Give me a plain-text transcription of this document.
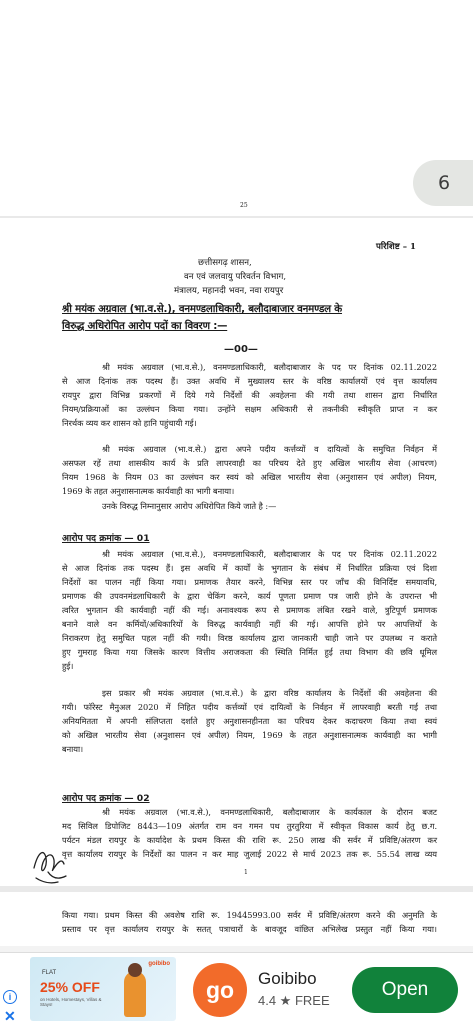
6
25
परिशिष्ट – 1
छत्तीसगढ़ शासन,
वन एवं जलवायु परिवर्तन विभाग,
मंत्रालय, महानदी भवन, नवा रायपुर
श्री मयंक अग्रवाल (भा.व.से.), वनमण्डलाधिकारी, बलौदाबाजार वनमण्डल के
विरुद्ध अधिरोपित आरोप पदों का विवरण :—
—00—
श्री मयंक अग्रवाल (भा.व.से.), वनमण्डलाधिकारी, बलौदाबाजार के पद पर दिनांक 02.11.2022
से आज दिनांक तक पदस्थ हैं। उक्त अवधि में मुख्यालय स्तर के वरिष्ठ कार्यालयों एवं वृत्त कार्यालय
रायपुर द्वारा विभिन्न प्रकरणों में दिये गये निर्देशों की अवहेलना की गयी तथा शासन द्वारा निर्धारित
नियम/प्रक्रियाओं का उल्लंघन किया गया। उन्होंने सक्षम अधिकारी से तकनीकी स्वीकृति प्राप्त न कर
निरर्थक व्यय कर शासन को हानि पहुंचायी गई।
श्री मयंक अग्रवाल (भा.व.से.) द्वारा अपने पदीय कर्त्तव्यों व दायित्वों के समुचित निर्वहन में
असफल रहें तथा शासकीय कार्य के प्रति लापरवाही का परिचय देते हुए अखिल भारतीय सेवा (आचरण)
नियम 1968 के नियम 03 का उल्लंघन कर स्वयं को अखिल भारतीय सेवा (अनुशासन एवं अपील) नियम,
1969 के तहत अनुशासनात्मक कार्यवाही का भागी बनाया।
उनके विरुद्ध निम्नानुसार आरोप अधिरोपित किये जाते है :—
आरोप पद क्रमांक — 01
श्री मयंक अग्रवाल (भा.व.से.), वनमण्डलाधिकारी, बलौदाबाजार के पद पर दिनांक 02.11.2022
से आज दिनांक तक पदस्थ हैं। इस अवधि में कार्यों के भुगतान के संबंध में निर्धारित प्रक्रिया एवं दिशा
निर्देशों का पालन नहीं किया गया। प्रमाणक तैयार करने, विभिन्न स्तर पर जाँच की विनिर्दिष्ट समयावधि,
प्रमाणक की उपवनमंडलाधिकारी के द्वारा चेकिंग करने, कार्य पूणता प्रमाण पत्र जारी होने के उपरान्त भी
त्वरित भुगतान की कार्यवाही नहीं की गई। अनावश्यक रूप से प्रमाणक लंबित रखने वाले, त्रुटिपूर्ण प्रमाणक
बनाने वाले वन कर्मियों/अधिकारियों के विरुद्ध कार्यवाही नहीं की गई। आपत्ति होने पर आपत्तियों के
निराकरण हेतु समुचित पहल नहीं की गयी। विरष्ठ कार्यालय द्वारा जानकारी चाही जाने पर उपलब्ध न कराते
हुए गुमराह किया गया जिसके कारण वित्तीय अराजकता की स्थिति निर्मित हुई तथा विभाग की छवि धूमिल
हुई।
इस प्रकार श्री मयंक अग्रवाल (भा.व.से.) के द्वारा वरिष्ठ कार्यालय के निर्देशों की अवहेलना की
गयी। फॉरेस्ट मैनुअल 2020 में निहित पदीय कर्त्तव्यों एवं दायित्वों के निर्वहन में लापरवाही बरती गई तथा
अनियमितता में अपनी संलिप्तता दर्शाते हुए अनुशासनहीनता का परिचय देकर कदाचरण किया तथा स्वयं
को अखिल भारतीय सेवा (अनुशासन एवं अपील) नियम, 1969 के तहत अनुशासनात्मक कार्यवाही का भागी
बनाया।
आरोप पद क्रमांक — 02
श्री मयंक अग्रवाल (भा.व.से.), वनमण्डलाधिकारी, बलौदाबाजार के कार्यकाल के दौरान बजट
मद सिविल डिपोजिट 8443—109 अंतर्गत राम वन गमन पथ तुरतुरिया में स्वीकृत विकास कार्य हेतु छ.ग.
पर्यटन मंडल रायपुर के कार्यादेश के प्रथम किस्त की राशि रू. 250 लाख की सर्वर में प्रविष्टि/अंतरण कर
वृत्त कार्यालय रायपुर के निर्देशों का पालन न कर माह जुलाई 2022 से मार्च 2023 तक रू. 55.54 लाख व्यय
1
किया गया। प्रथम किस्त की अवशेष राशि रू. 19445993.00 सर्वर में प्रविष्टि/अंतरण करने की अनुमति के
प्रस्ताव पर वृत्त कार्यालय रायपुर के सतत् पत्राचारों के बावजूद वांछित अभिलेख प्रस्तुत नहीं किया गया।
i
✕
goibibo
FLAT
25% OFF
on Hotels, Homestays, Villas & Stays!
go	Goibibo
4.4 ★ FREE
Open
